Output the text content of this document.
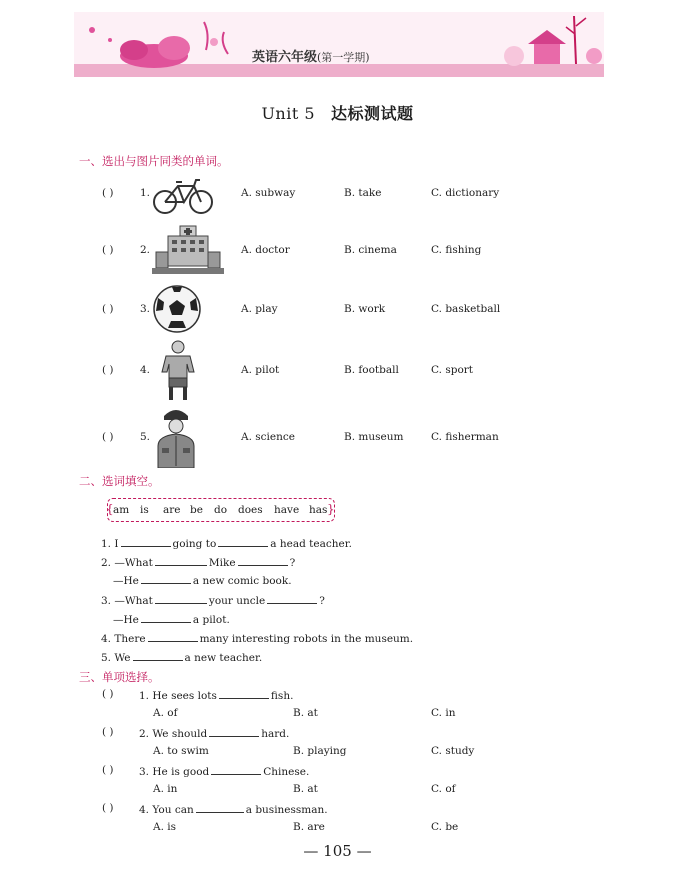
英语六年级(第一学期)
Unit 5 达标测试题
一、选出与图片同类的单词。
( )	1.	A. subway	B. take	C. dictionary
( )	2.	A. doctor	B. cinema	C. fishing
( )	3.	A. play	B. work	C. basketball
( )	4.	A. pilot	B. football	C. sport
( )	5.	A. science	B. museum	C. fisherman
二、选词填空。
{ am is are be do does have has }
1. I	going to	a head teacher.
2. —What	Mike	?
—He	a new comic book.
3. —What	your uncle	?
—He	a pilot.
4. There	many interesting robots in the museum.
5. We	a new teacher.
三、单项选择。
( ) 1. He sees lots	fish.
A. of	B. at	C. in
( ) 2. We should	hard.
A. to swim	B. playing	C. study
( ) 3. He is good	Chinese.
A. in	B. at	C. of
( ) 4. You can	a businessman.
A. is	B. are	C. be
— 105 —
